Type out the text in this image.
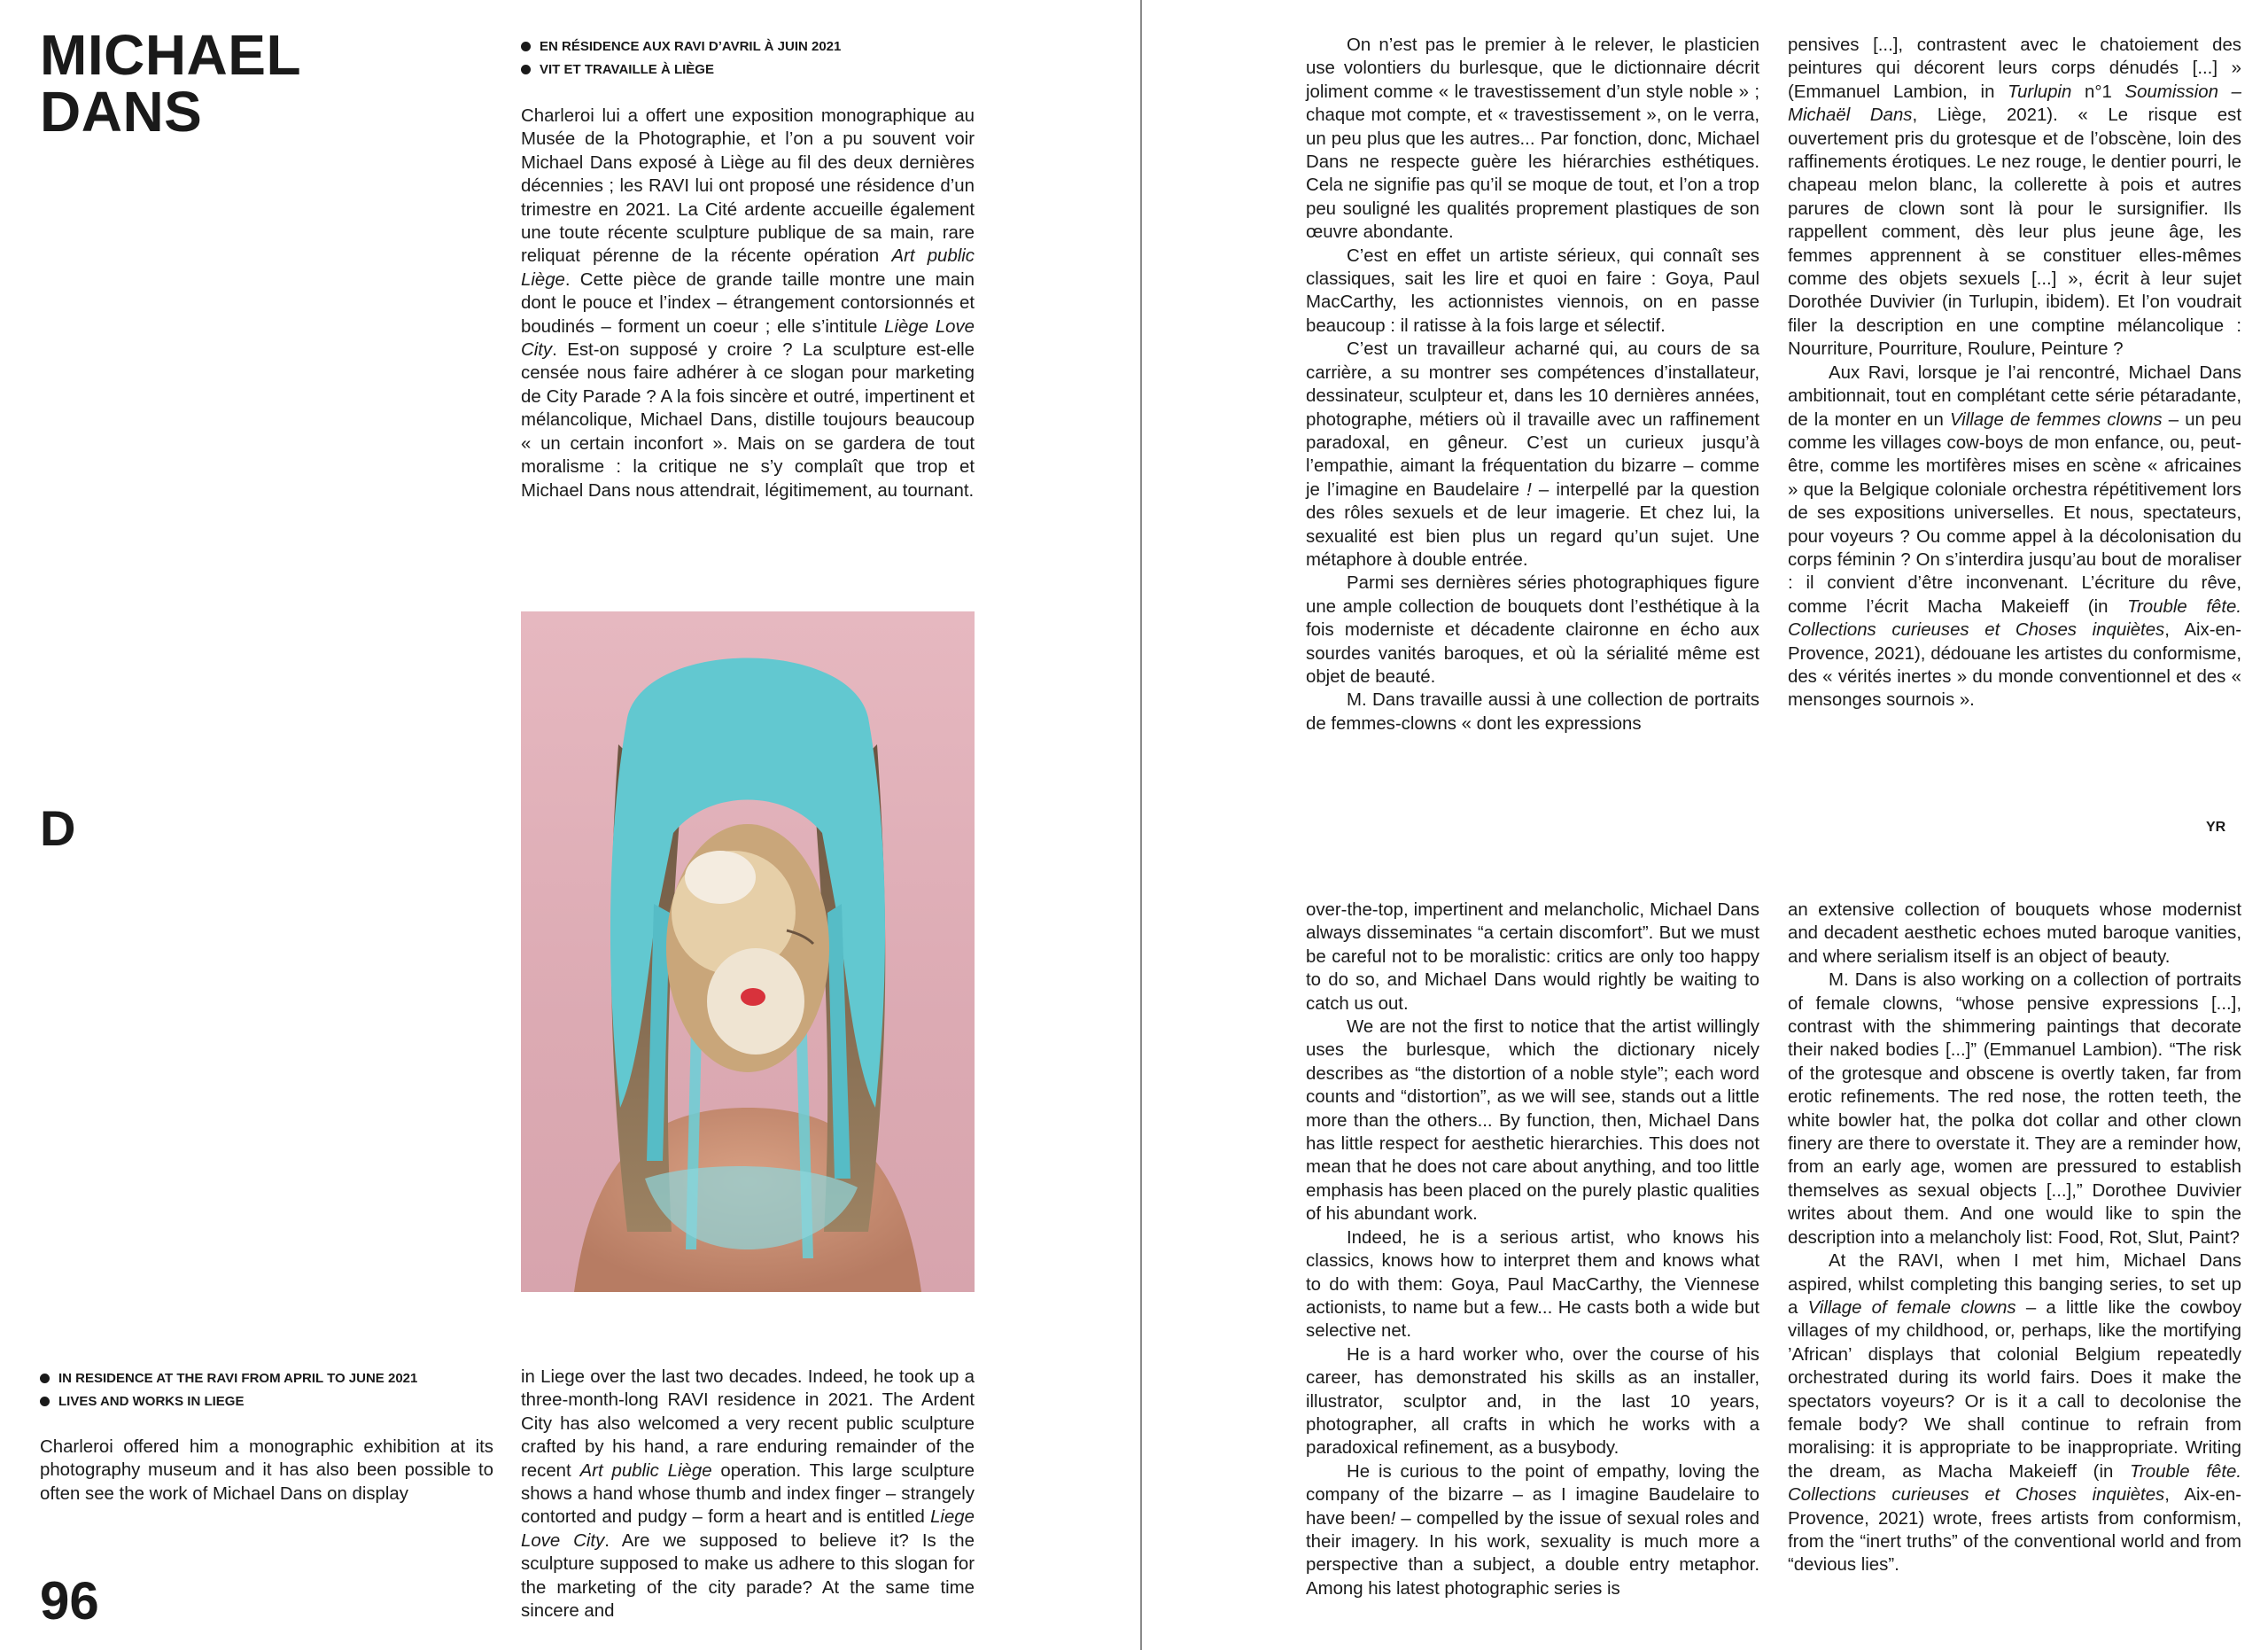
MICHAEL
DANS
EN RÉSIDENCE AUX RAVI D’AVRIL À JUIN 2021
VIT ET TRAVAILLE À LIÈGE

Charleroi lui a offert une exposition monographique au Musée de la Photographie, et l’on a pu souvent voir Michael Dans exposé à Liège au fil des deux dernières décennies ; les RAVI lui ont proposé une résidence d’un trimestre en 2021. La Cité ardente accueille également une toute récente sculpture publique de sa main, rare reliquat pérenne de la récente opération Art public Liège. Cette pièce de grande taille montre une main dont le pouce et l’index – étrangement contorsionnés et boudinés – forment un coeur ; elle s’intitule Liège Love City. Est-on supposé y croire ? La sculpture est-elle censée nous faire adhérer à ce slogan pour marketing de City Parade ? A la fois sincère et outré, impertinent et mélancolique, Michael Dans, distille toujours beaucoup « un certain inconfort ». Mais on se gardera de tout moralisme : la critique ne s’y complaît que trop et Michael Dans nous attendrait, légitimement, au tournant.

D
IN RESIDENCE AT THE RAVI FROM APRIL TO JUNE 2021
LIVES AND WORKS IN LIEGE

Charleroi offered him a monographic exhibition at its photography museum and it has also been possible to often see the work of Michael Dans on display

in Liege over the last two decades. Indeed, he took up a three-month-long RAVI residence in 2021. The Ardent City has also welcomed a very recent public sculpture crafted by his hand, a rare enduring remainder of the recent Art public Liège operation. This large sculpture shows a hand whose thumb and index finger – strangely contorted and pudgy – form a heart and is entitled Liege Love City. Are we supposed to believe it? Is the sculpture supposed to make us adhere to this slogan for the marketing of the city parade? At the same time sincere and

96

On n’est pas le premier à le relever, le plasticien use volontiers du burlesque, que le dictionnaire décrit joliment comme « le travestissement d’un style noble » ; chaque mot compte, et « travestissement », on le verra, un peu plus que les autres... Par fonction, donc, Michael Dans ne respecte guère les hiérarchies esthétiques. Cela ne signifie pas qu’il se moque de tout, et l’on a trop peu souligné les qualités proprement plastiques de son œuvre abondante.

C’est en effet un artiste sérieux, qui connaît ses classiques, sait les lire et quoi en faire : Goya, Paul MacCarthy, les actionnistes viennois, on en passe beaucoup : il ratisse à la fois large et sélectif.

C’est un travailleur acharné qui, au cours de sa carrière, a su montrer ses compétences d’installateur, dessinateur, sculpteur et, dans les 10 dernières années, photographe, métiers où il travaille avec un raffinement paradoxal, en gêneur. C’est un curieux jusqu’à l’empathie, aimant la fréquentation du bizarre – comme je l’imagine en Baudelaire ! – interpellé par la question des rôles sexuels et de leur imagerie. Et chez lui, la sexualité est bien plus un regard qu’un sujet. Une métaphore à double entrée.

Parmi ses dernières séries photographiques figure une ample collection de bouquets dont l’esthétique à la fois moderniste et décadente claironne en écho aux sourdes vanités baroques, et où la sérialité même est objet de beauté.

M. Dans travaille aussi à une collection de portraits de femmes-clowns « dont les expressions

pensives [...], contrastent avec le chatoiement des peintures qui décorent leurs corps dénudés [...] » (Emmanuel Lambion, in Turlupin n°1 Soumission – Michaël Dans, Liège, 2021). « Le risque est ouvertement pris du grotesque et de l’obscène, loin des raffinements érotiques. Le nez rouge, le dentier pourri, le chapeau melon blanc, la collerette à pois et autres parures de clown sont là pour le sursignifier. Ils rappellent comment, dès leur plus jeune âge, les femmes apprennent à se constituer elles-mêmes comme des objets sexuels [...] », écrit à leur sujet Dorothée Duvivier (in Turlupin, ibidem). Et l’on voudrait filer la description en une comptine mélancolique : Nourriture, Pourriture, Roulure, Peinture ?

Aux Ravi, lorsque je l’ai rencontré, Michael Dans ambitionnait, tout en complétant cette série pétaradante, de la monter en un Village de femmes clowns – un peu comme les villages cow-boys de mon enfance, ou, peut-être, comme les mortifères mises en scène « africaines » que la Belgique coloniale orchestra répétitivement lors de ses expositions universelles. Et nous, spectateurs, pour voyeurs ? Ou comme appel à la décolonisation du corps féminin ? On s’interdira jusqu’au bout de moraliser : il convient d’être inconvenant. L’écriture du rêve, comme l’écrit Macha Makeieff (in Trouble fête. Collections curieuses et Choses inquiètes, Aix-en-Provence, 2021), dédouane les artistes du conformisme, des « vérités inertes » du monde conventionnel et des « mensonges sournois ».

YR

over-the-top, impertinent and melancholic, Michael Dans always disseminates “a certain discomfort”. But we must be careful not to be moralistic: critics are only too happy to do so, and Michael Dans would rightly be waiting to catch us out.

We are not the first to notice that the artist willingly uses the burlesque, which the dictionary nicely describes as “the distortion of a noble style”; each word counts and “distortion”, as we will see, stands out a little more than the others... By function, then, Michael Dans has little respect for aesthetic hierarchies. This does not mean that he does not care about anything, and too little emphasis has been placed on the purely plastic qualities of his abundant work.

Indeed, he is a serious artist, who knows his classics, knows how to interpret them and knows what to do with them: Goya, Paul MacCarthy, the Viennese actionists, to name but a few... He casts both a wide but selective net.

He is a hard worker who, over the course of his career, has demonstrated his skills as an installer, illustrator, sculptor and, in the last 10 years, photographer, all crafts in which he works with a paradoxical refinement, as a busybody.

He is curious to the point of empathy, loving the company of the bizarre – as I imagine Baudelaire to have been! – compelled by the issue of sexual roles and their imagery. In his work, sexuality is much more a perspective than a subject, a double entry metaphor. Among his latest photographic series is

an extensive collection of bouquets whose modernist and decadent aesthetic echoes muted baroque vanities, and where serialism itself is an object of beauty.

M. Dans is also working on a collection of portraits of female clowns, “whose pensive expressions [...], contrast with the shimmering paintings that decorate their naked bodies [...]” (Emmanuel Lambion). “The risk of the grotesque and obscene is overtly taken, far from erotic refinements. The red nose, the rotten teeth, the white bowler hat, the polka dot collar and other clown finery are there to overstate it. They are a reminder how, from an early age, women are pressured to establish themselves as sexual objects [...],” Dorothee Duvivier writes about them. And one would like to spin the description into a melancholy list: Food, Rot, Slut, Paint?

At the RAVI, when I met him, Michael Dans aspired, whilst completing this banging series, to set up a Village of female clowns – a little like the cowboy villages of my childhood, or, perhaps, like the mortifying ’African’ displays that colonial Belgium repeatedly orchestrated during its world fairs. Does it make the spectators voyeurs? Or is it a call to decolonise the female body? We shall continue to refrain from moralising: it is appropriate to be inappropriate. Writing the dream, as Macha Makeieff (in Trouble fête. Collections curieuses et Choses inquiètes, Aix-en-Provence, 2021) wrote, frees artists from conformism, from the “inert truths” of the conventional world and from “devious lies”.
